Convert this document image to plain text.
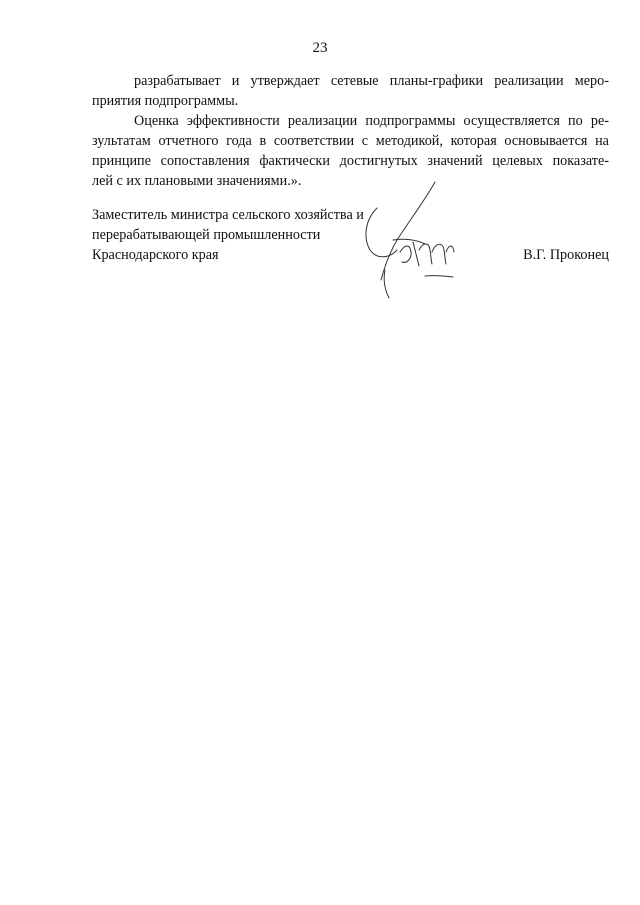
23
разрабатывает и утверждает сетевые планы-графики реализации меро-
приятия подпрограммы.
Оценка эффективности реализации подпрограммы осуществляется по ре-
зультатам отчетного года в соответствии с методикой, которая основывается на
принципе сопоставления фактически достигнутых значений целевых показате-
лей с их плановыми значениями.».
Заместитель министра сельского хозяйства и
перерабатывающей промышленности
Краснодарского края	В.Г. Проконец
